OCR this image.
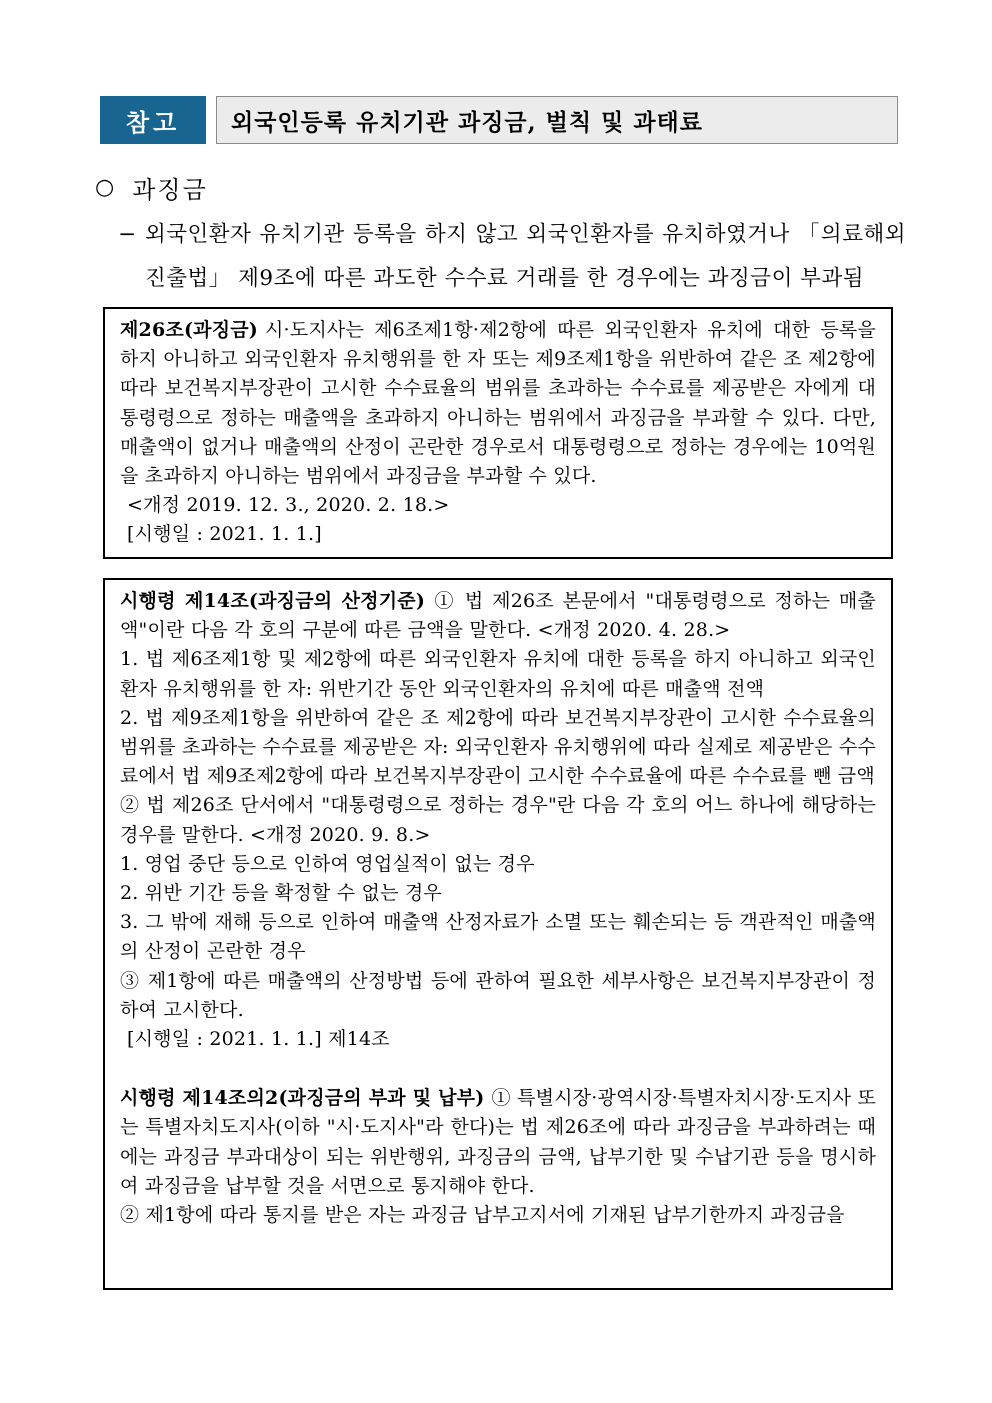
참고	외국인등록 유치기관 과징금, 벌칙 및 과태료
○ 과징금
− 외국인환자 유치기관 등록을 하지 않고 외국인환자를 유치하였거나 「의료해외진출법」 제9조에 따른 과도한 수수료 거래를 한 경우에는 과징금이 부과됨

제26조(과징금) 시·도지사는 제6조제1항·제2항에 따른 외국인환자 유치에 대한 등록을 하지 아니하고 외국인환자 유치행위를 한 자 또는 제9조제1항을 위반하여 같은 조 제2항에 따라 보건복지부장관이 고시한 수수료율의 범위를 초과하는 수수료를 제공받은 자에게 대통령령으로 정하는 매출액을 초과하지 아니하는 범위에서 과징금을 부과할 수 있다. 다만, 매출액이 없거나 매출액의 산정이 곤란한 경우로서 대통령령으로 정하는 경우에는 10억원을 초과하지 아니하는 범위에서 과징금을 부과할 수 있다.

<개정 2019. 12. 3., 2020. 2. 18.>

[시행일 : 2021. 1. 1.]

시행령 제14조(과징금의 산정기준) ① 법 제26조 본문에서 "대통령령으로 정하는 매출액"이란 다음 각 호의 구분에 따른 금액을 말한다. <개정 2020. 4. 28.>

1. 법 제6조제1항 및 제2항에 따른 외국인환자 유치에 대한 등록을 하지 아니하고 외국인환자 유치행위를 한 자: 위반기간 동안 외국인환자의 유치에 따른 매출액 전액

2. 법 제9조제1항을 위반하여 같은 조 제2항에 따라 보건복지부장관이 고시한 수수료율의 범위를 초과하는 수수료를 제공받은 자: 외국인환자 유치행위에 따라 실제로 제공받은 수수료에서 법 제9조제2항에 따라 보건복지부장관이 고시한 수수료율에 따른 수수료를 뺀 금액

② 법 제26조 단서에서 "대통령령으로 정하는 경우"란 다음 각 호의 어느 하나에 해당하는 경우를 말한다. <개정 2020. 9. 8.>

1. 영업 중단 등으로 인하여 영업실적이 없는 경우

2. 위반 기간 등을 확정할 수 없는 경우

3. 그 밖에 재해 등으로 인하여 매출액 산정자료가 소멸 또는 훼손되는 등 객관적인 매출액의 산정이 곤란한 경우

③ 제1항에 따른 매출액의 산정방법 등에 관하여 필요한 세부사항은 보건복지부장관이 정하여 고시한다.

[시행일 : 2021. 1. 1.] 제14조

시행령 제14조의2(과징금의 부과 및 납부) ① 특별시장·광역시장·특별자치시장·도지사 또는 특별자치도지사(이하 "시·도지사"라 한다)는 법 제26조에 따라 과징금을 부과하려는 때에는 과징금 부과대상이 되는 위반행위, 과징금의 금액, 납부기한 및 수납기관 등을 명시하여 과징금을 납부할 것을 서면으로 통지해야 한다.

② 제1항에 따라 통지를 받은 자는 과징금 납부고지서에 기재된 납부기한까지 과징금을
